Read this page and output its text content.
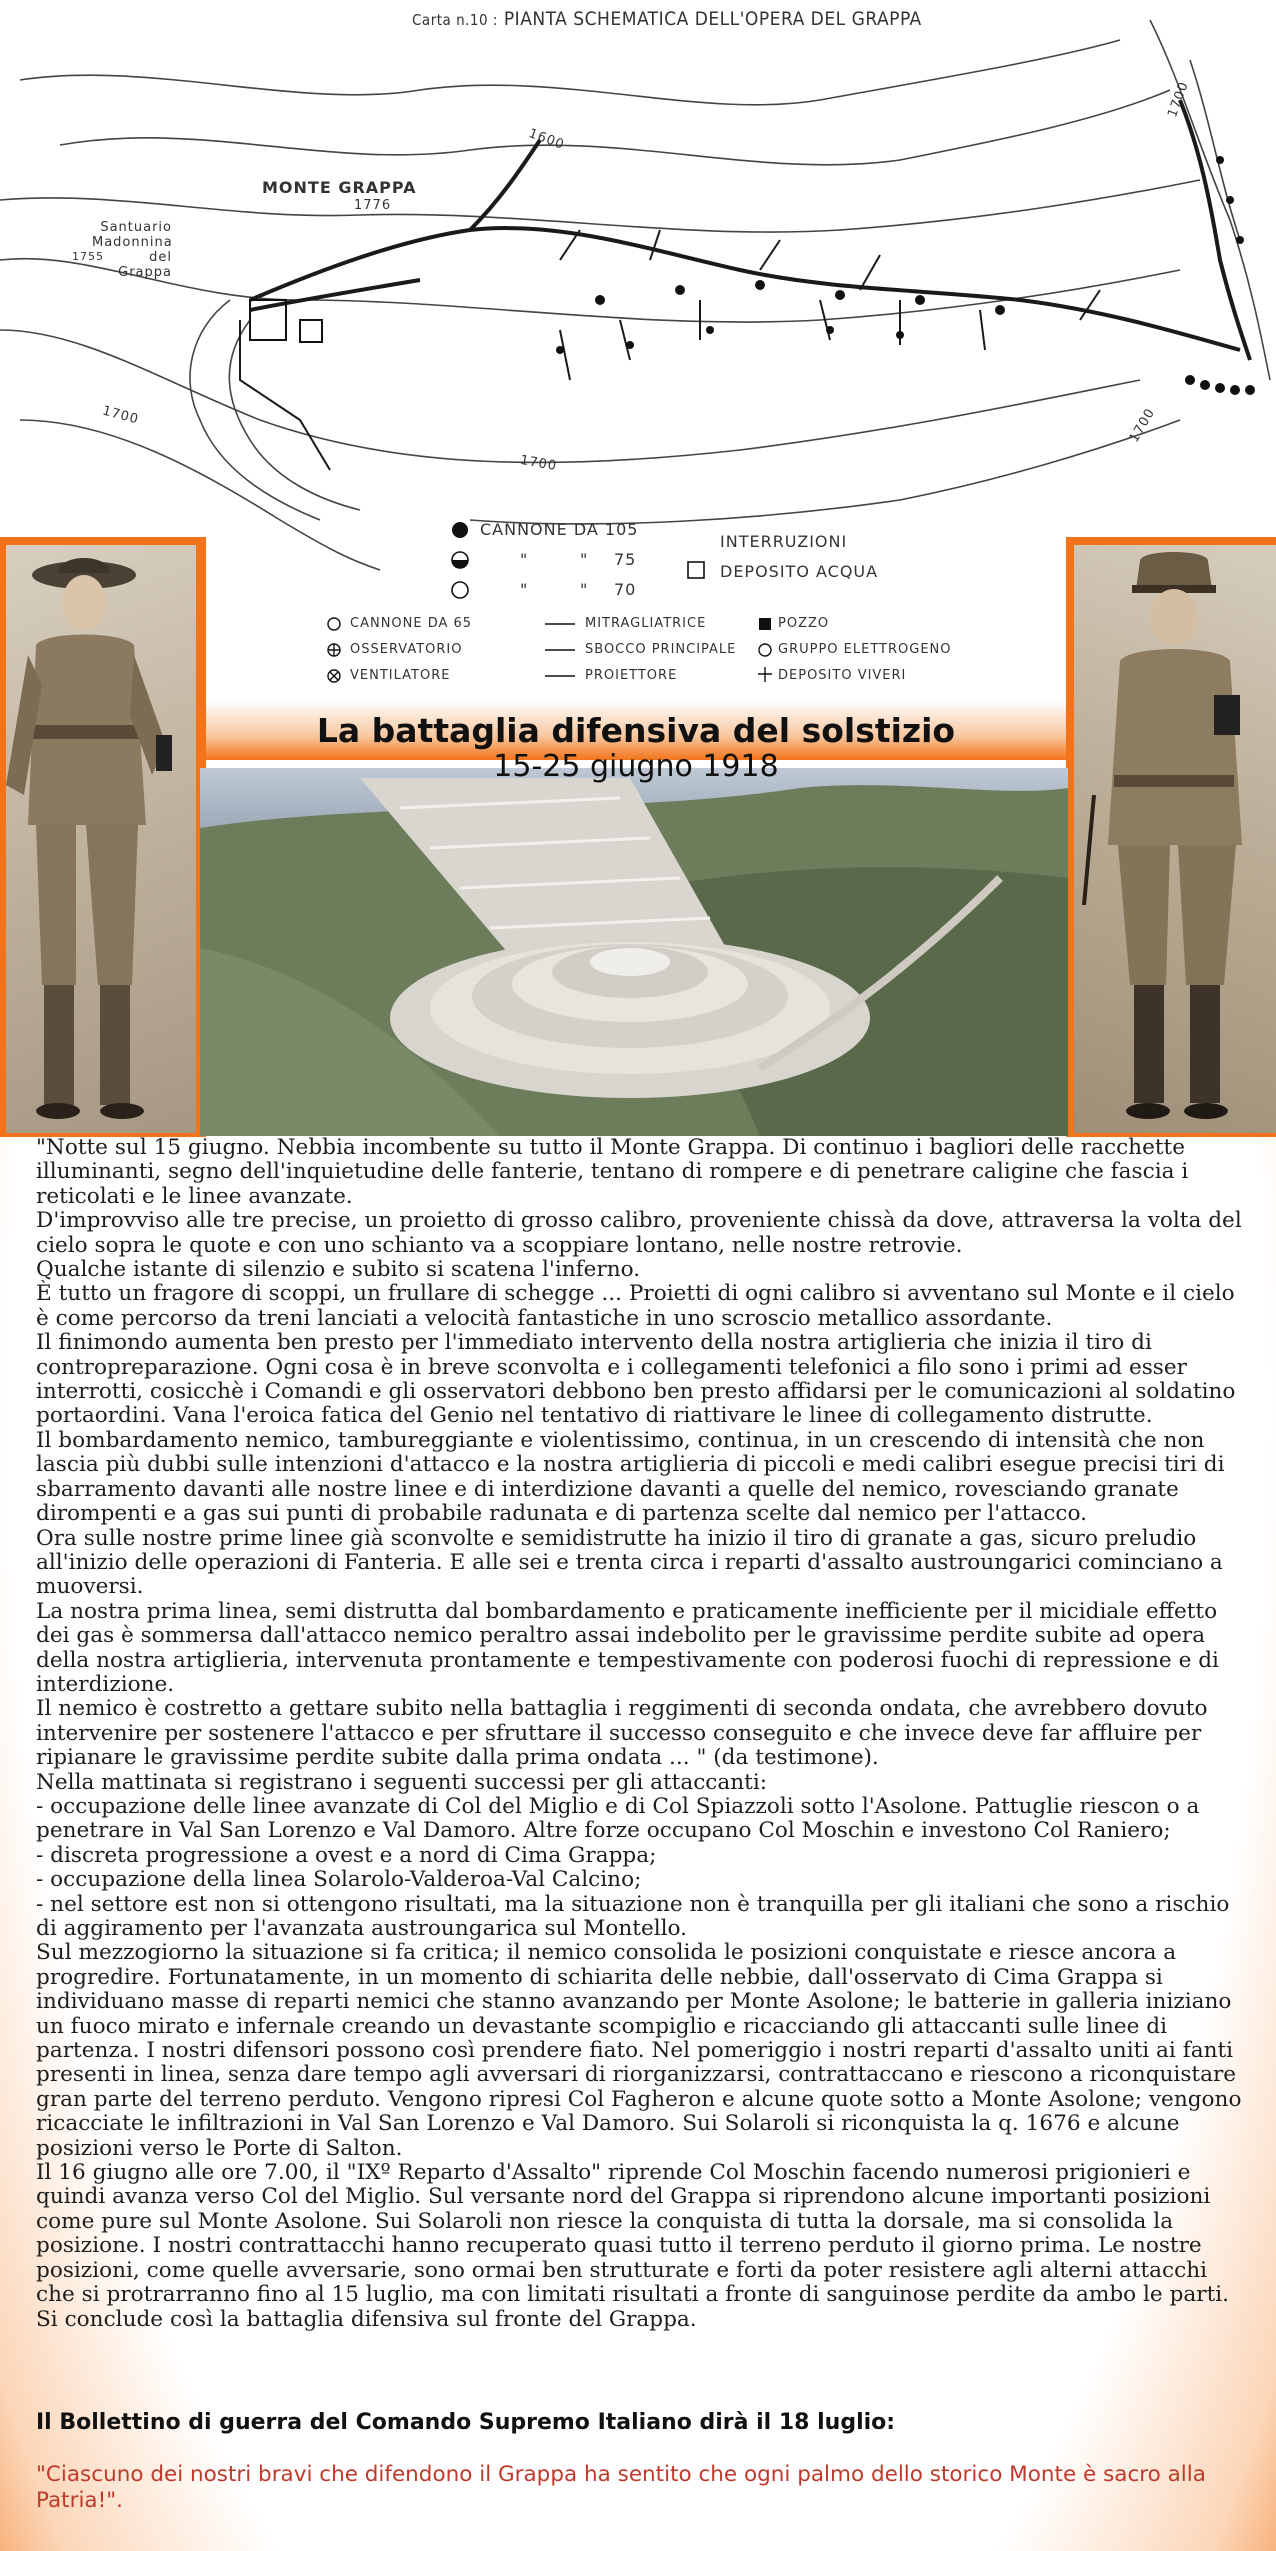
Carta n.10 : PIANTA SCHEMATICA DELL'OPERA DEL GRAPPA
MONTE GRAPPA
1776
Santuario Madonnina del Grappa
1755
1600
1700
1700
1700
1700
CANNONE DA 105
"	" 75
"	" 70
INTERRUZIONI
DEPOSITO ACQUA
CANNONE DA 65
OSSERVATORIO
VENTILATORE
MITRAGLIATRICE
SBOCCO PRINCIPALE
PROIETTORE
POZZO
GRUPPO ELETTROGENO
DEPOSITO VIVERI
La battaglia difensiva del solstizio
15-25 giugno 1918

"Notte sul 15 giugno. Nebbia incombente su tutto il Monte Grappa. Di continuo i bagliori delle racchette illuminanti, segno dell'inquietudine delle fanterie, tentano di rompere e di penetrare caligine che fascia i reticolati e le linee avanzate.

D'improvviso alle tre precise, un proietto di grosso calibro, proveniente chissà da dove, attraversa la volta del cielo sopra le quote e con uno schianto va a scoppiare lontano, nelle nostre retrovie.

Qualche istante di silenzio e subito si scatena l'inferno.

È tutto un fragore di scoppi, un frullare di schegge ... Proietti di ogni calibro si avventano sul Monte e il cielo è come percorso da treni lanciati a velocità fantastiche in uno scroscio metallico assordante.

Il finimondo aumenta ben presto per l'immediato intervento della nostra artiglieria che inizia il tiro di contropreparazione. Ogni cosa è in breve sconvolta e i collegamenti telefonici a filo sono i primi ad esser interrotti, cosicchè i Comandi e gli osservatori debbono ben presto affidarsi per le comunicazioni al soldatino portaordini. Vana l'eroica fatica del Genio nel tentativo di riattivare le linee di collegamento distrutte.

Il bombardamento nemico, tambureggiante e violentissimo, continua, in un crescendo di intensità che non lascia più dubbi sulle intenzioni d'attacco e la nostra artiglieria di piccoli e medi calibri esegue precisi tiri di sbarramento davanti alle nostre linee e di interdizione davanti a quelle del nemico, rovesciando granate dirompenti e a gas sui punti di probabile radunata e di partenza scelte dal nemico per l'attacco.

Ora sulle nostre prime linee già sconvolte e semidistrutte ha inizio il tiro di granate a gas, sicuro preludio all'inizio delle operazioni di Fanteria. E alle sei e trenta circa i reparti d'assalto austroungarici cominciano a muoversi.

La nostra prima linea, semi distrutta dal bombardamento e praticamente inefficiente per il micidiale effetto dei gas è sommersa dall'attacco nemico peraltro assai indebolito per le gravissime perdite subite ad opera della nostra artiglieria, intervenuta prontamente e tempestivamente con poderosi fuochi di repressione e di interdizione.

Il nemico è costretto a gettare subito nella battaglia i reggimenti di seconda ondata, che avrebbero dovuto intervenire per sostenere l'attacco e per sfruttare il successo conseguito e che invece deve far affluire per ripianare le gravissime perdite subite dalla prima ondata ... " (da testimone).

Nella mattinata si registrano i seguenti successi per gli attaccanti:

- occupazione delle linee avanzate di Col del Miglio e di Col Spiazzoli sotto l'Asolone. Pattuglie riescon o a penetrare in Val San Lorenzo e Val Damoro. Altre forze occupano Col Moschin e investono Col Raniero;

- discreta progressione a ovest e a nord di Cima Grappa;

- occupazione della linea Solarolo-Valderoa-Val Calcino;

- nel settore est non si ottengono risultati, ma la situazione non è tranquilla per gli italiani che sono a rischio di aggiramento per l'avanzata austroungarica sul Montello.

Sul mezzogiorno la situazione si fa critica; il nemico consolida le posizioni conquistate e riesce ancora a progredire. Fortunatamente, in un momento di schiarita delle nebbie, dall'osservato di Cima Grappa si individuano masse di reparti nemici che stanno avanzando per Monte Asolone; le batterie in galleria iniziano un fuoco mirato e infernale creando un devastante scompiglio e ricacciando gli attaccanti sulle linee di partenza. I nostri difensori possono così prendere fiato. Nel pomeriggio i nostri reparti d'assalto uniti ai fanti presenti in linea, senza dare tempo agli avversari di riorganizzarsi, contrattaccano e riescono a riconquistare gran parte del terreno perduto. Vengono ripresi Col Fagheron e alcune quote sotto a Monte Asolone; vengono ricacciate le infiltrazioni in Val San Lorenzo e Val Damoro. Sui Solaroli si riconquista la q. 1676 e alcune posizioni verso le Porte di Salton.

Il 16 giugno alle ore 7.00, il "IXº Reparto d'Assalto" riprende Col Moschin facendo numerosi prigionieri e quindi avanza verso Col del Miglio. Sul versante nord del Grappa si riprendono alcune importanti posizioni come pure sul Monte Asolone. Sui Solaroli non riesce la conquista di tutta la dorsale, ma si consolida la posizione. I nostri contrattacchi hanno recuperato quasi tutto il terreno perduto il giorno prima. Le nostre posizioni, come quelle avversarie, sono ormai ben strutturate e forti da poter resistere agli alterni attacchi che si protrarranno fino al 15 luglio, ma con limitati risultati a fronte di sanguinose perdite da ambo le parti. Si conclude così la battaglia difensiva sul fronte del Grappa.

Il Bollettino di guerra del Comando Supremo Italiano dirà il 18 luglio:
"Ciascuno dei nostri bravi che difendono il Grappa ha sentito che ogni palmo dello storico Monte è sacro alla Patria!".
